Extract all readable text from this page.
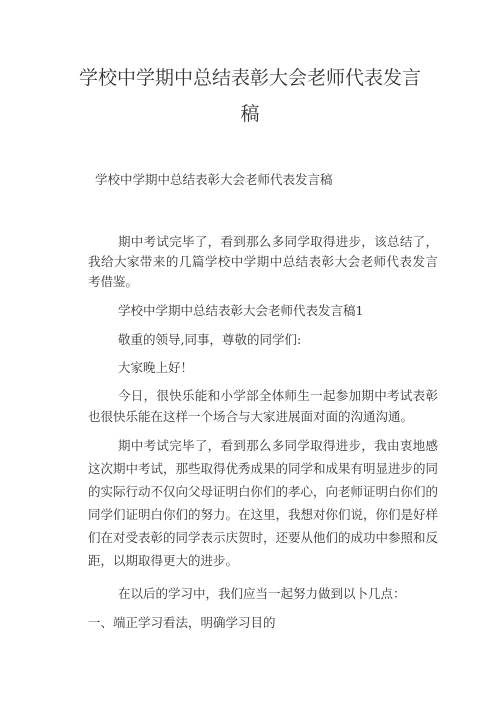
学校中学期中总结表彰大会老师代表发言
稿
学校中学期中总结表彰大会老师代表发言稿
期中考试完毕了，看到那么多同学取得进步，该总结了，
我给大家带来的几篇学校中学期中总结表彰大会老师代表发言
考借鉴。
学校中学期中总结表彰大会老师代表发言稿1
敬重的领导,同事，尊敬的同学们:
大家晚上好！
今日，很快乐能和小学部全体师生一起参加期中考试表彰
也很快乐能在这样一个场合与大家进展面对面的沟通沟通。
期中考试完毕了，看到那么多同学取得进步，我由衷地感
这次期中考试，那些取得优秀成果的同学和成果有明显进步的同
的实际行动不仅向父母证明白你们的孝心，向老师证明白你们的
同学们证明白你们的努力。在这里，我想对你们说，你们是好样
们在对受表彰的同学表示庆贺时，还要从他们的成功中参照和反
距，以期取得更大的进步。
在以后的学习中，我们应当一起努力做到以卜几点：
一、端正学习看法，明确学习目的
